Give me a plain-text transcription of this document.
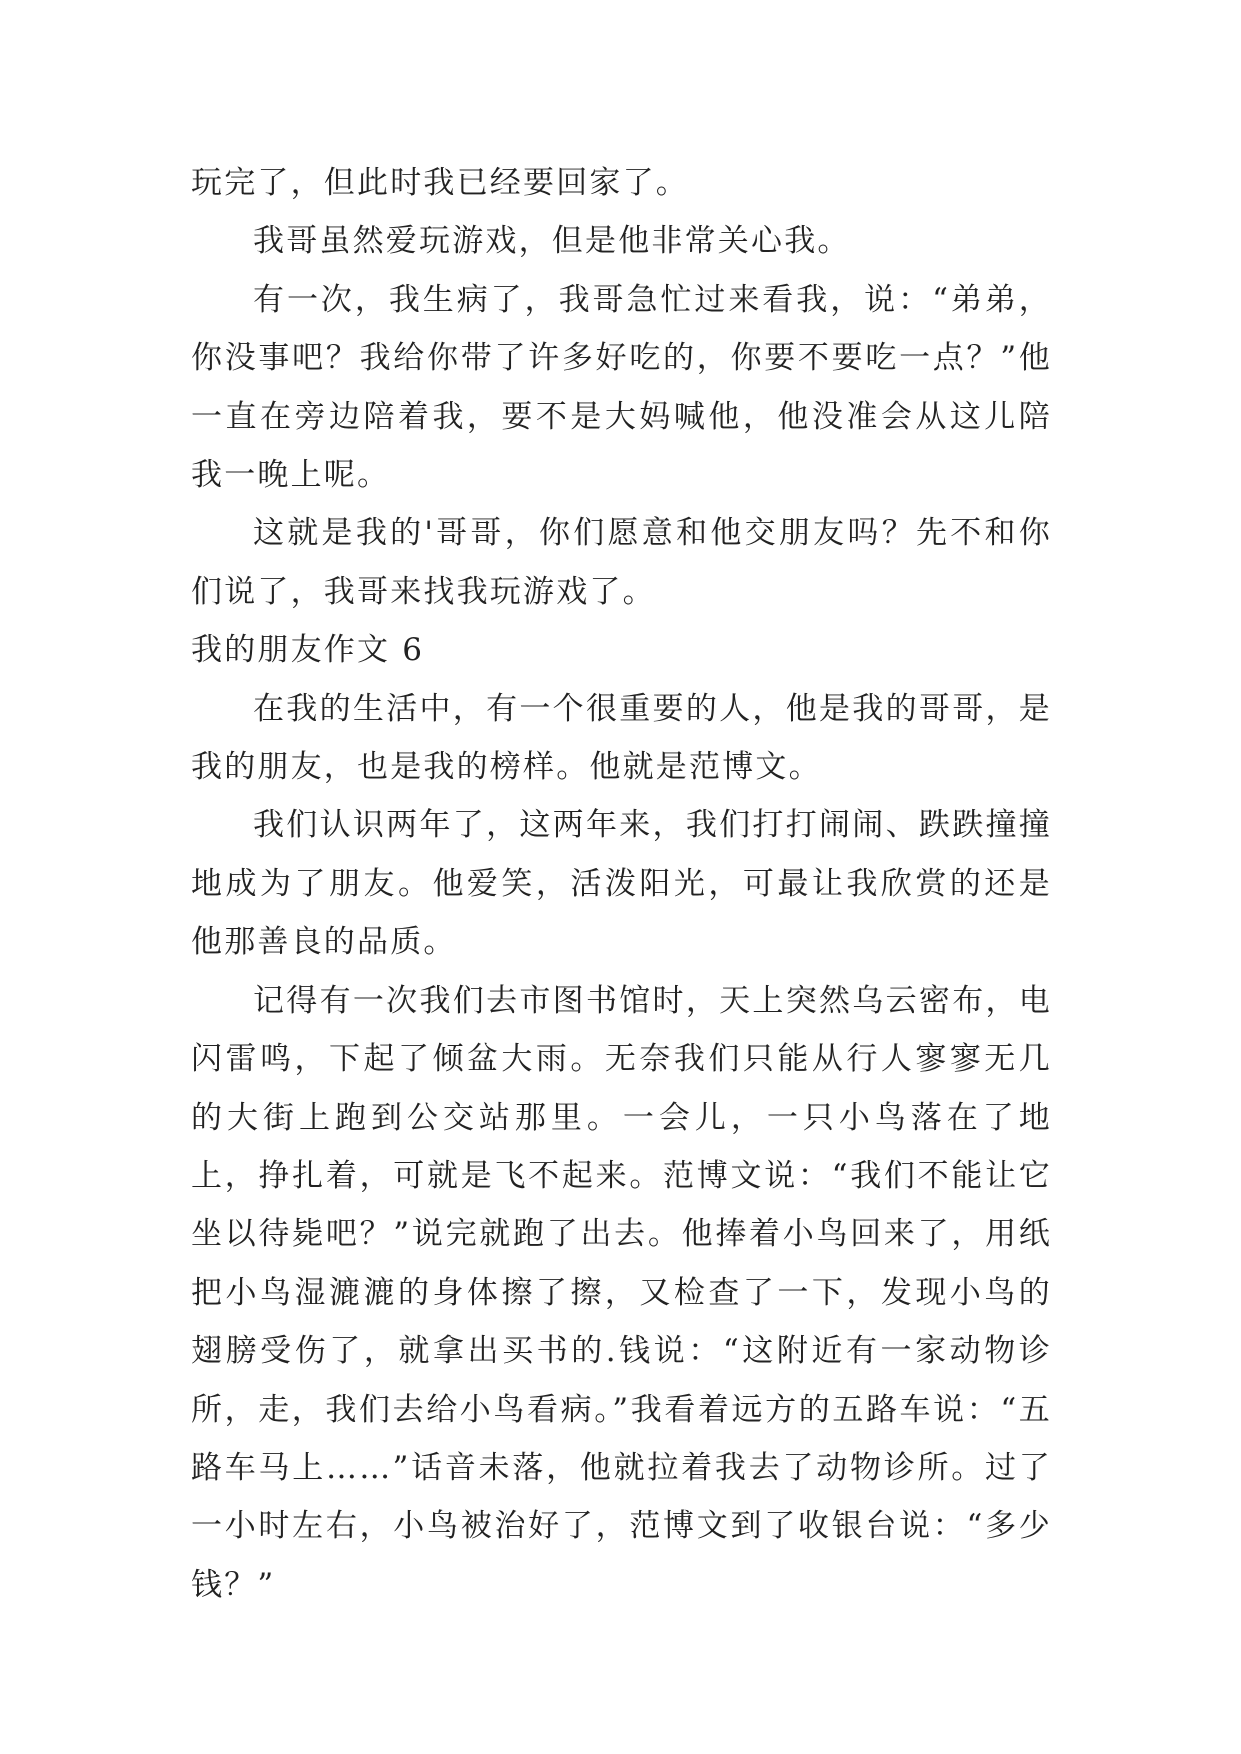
玩完了，但此时我已经要回家了。

我哥虽然爱玩游戏，但是他非常关心我。

有一次，我生病了，我哥急忙过来看我，说：“弟弟，你没事吧？我给你带了许多好吃的，你要不要吃一点？”他一直在旁边陪着我，要不是大妈喊他，他没准会从这儿陪我一晚上呢。

这就是我的'哥哥，你们愿意和他交朋友吗？先不和你们说了，我哥来找我玩游戏了。

我的朋友作文 6

在我的生活中，有一个很重要的人，他是我的哥哥，是我的朋友，也是我的榜样。他就是范博文。

我们认识两年了，这两年来，我们打打闹闹、跌跌撞撞地成为了朋友。他爱笑，活泼阳光，可最让我欣赏的还是他那善良的品质。

记得有一次我们去市图书馆时，天上突然乌云密布，电闪雷鸣，下起了倾盆大雨。无奈我们只能从行人寥寥无几的大街上跑到公交站那里。一会儿，一只小鸟落在了地上，挣扎着，可就是飞不起来。范博文说：“我们不能让它坐以待毙吧？”说完就跑了出去。他捧着小鸟回来了，用纸把小鸟湿漉漉的身体擦了擦，又检查了一下，发现小鸟的翅膀受伤了，就拿出买书的.钱说：“这附近有一家动物诊所，走，我们去给小鸟看病。”我看着远方的五路车说：“五路车马上……”话音未落，他就拉着我去了动物诊所。过了一小时左右，小鸟被治好了，范博文到了收银台说：“多少钱？”
